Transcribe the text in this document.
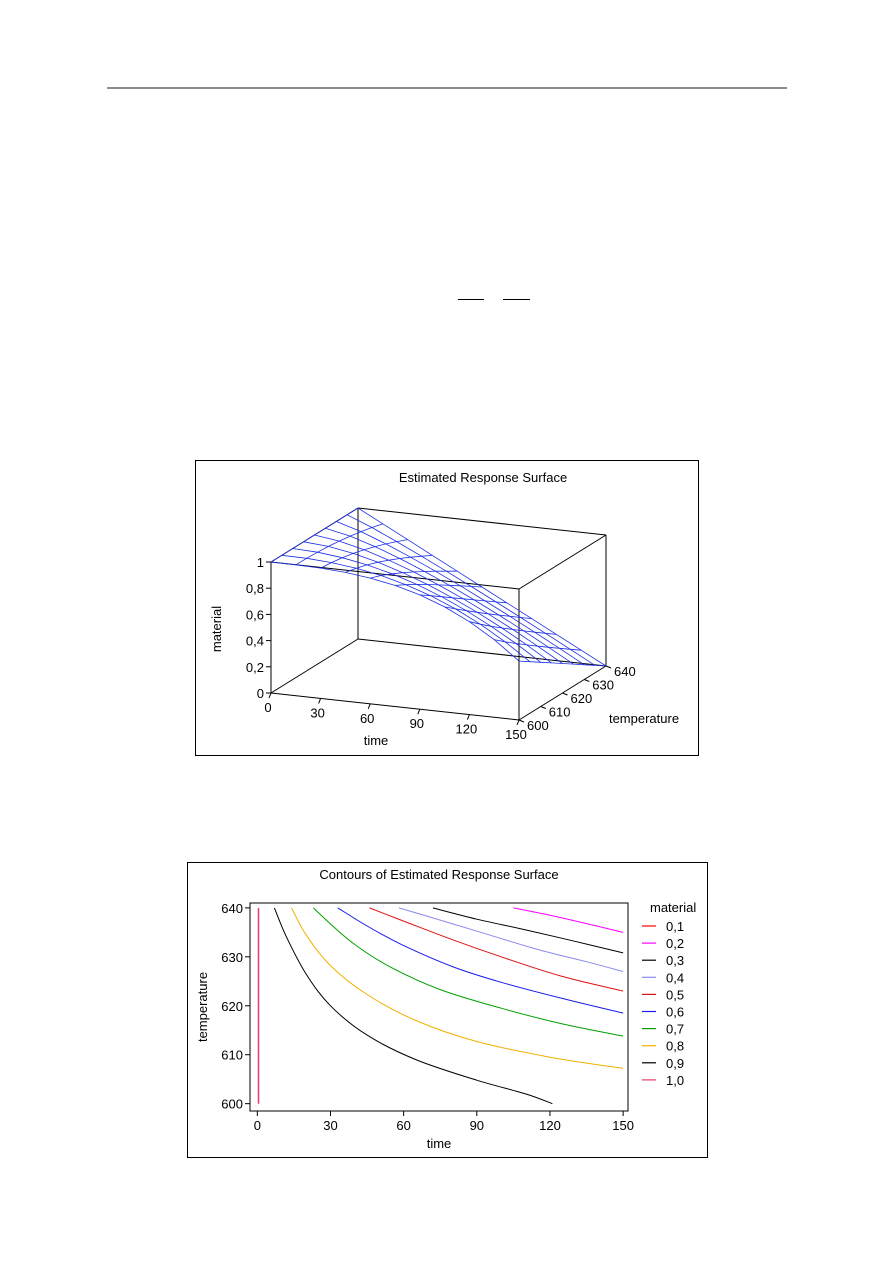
Estimated Response Surface
0
0,2
0,4
0,6
0,8
1
0	30	60	90 120 150
600
610
620
630
640
material
time
temperature
Contours of Estimated Response Surface
0	30	60	90	120	150
600
610
620
630
640
time
temperature
material
0,1
0,2
0,3
0,4
0,5
0,6
0,7
0,8
0,9
1,0
